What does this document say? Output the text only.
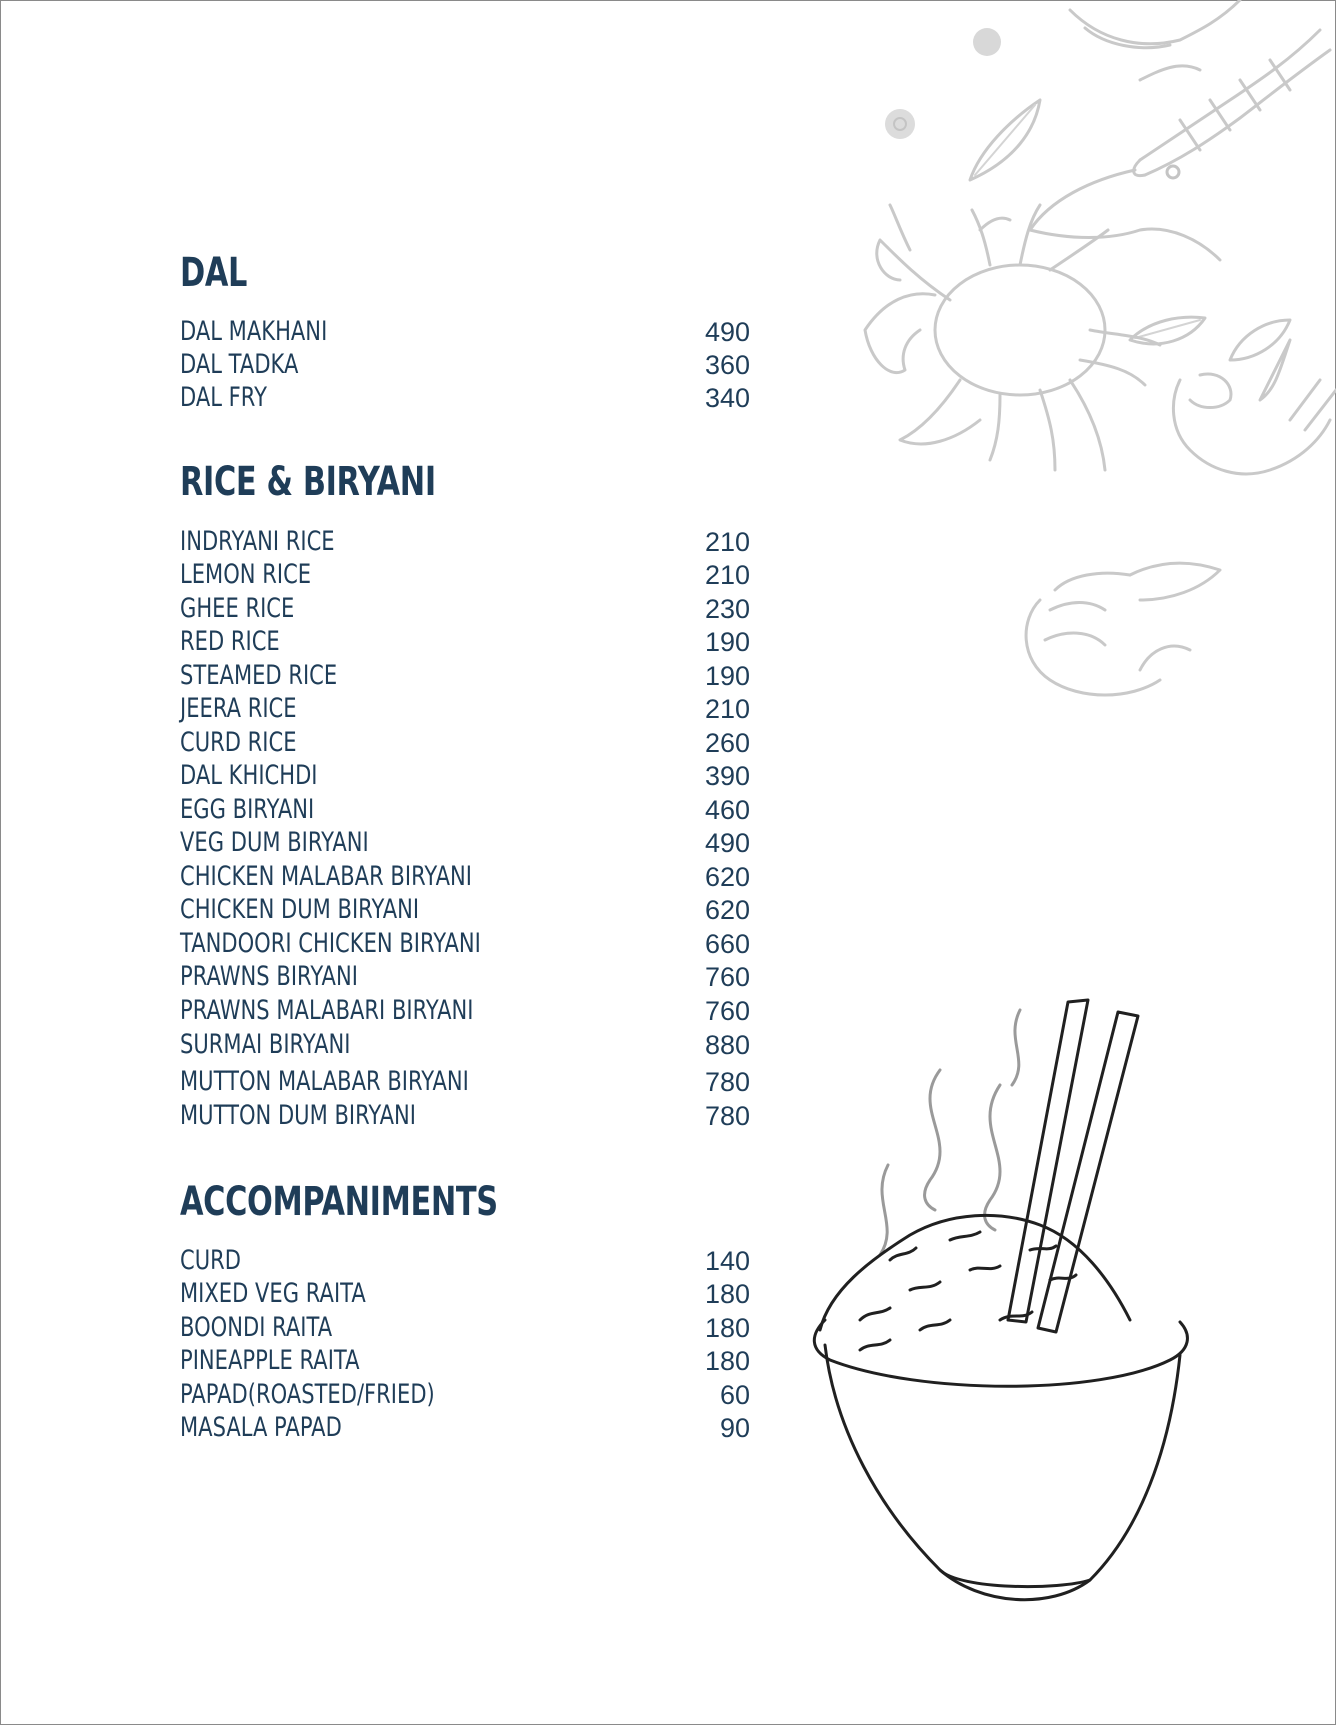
DAL
DAL MAKHANI	490
DAL TADKA	360
DAL FRY	340
RICE & BIRYANI
INDRYANI RICE	210
LEMON RICE	210
GHEE RICE	230
RED RICE	190
STEAMED RICE	190
JEERA RICE	210
CURD RICE	260
DAL KHICHDI	390
EGG BIRYANI	460
VEG DUM BIRYANI	490
CHICKEN MALABAR BIRYANI	620
CHICKEN DUM BIRYANI	620
TANDOORI CHICKEN BIRYANI	660
PRAWNS BIRYANI	760
PRAWNS MALABARI BIRYANI	760
SURMAI BIRYANI	880
MUTTON MALABAR BIRYANI	780
MUTTON DUM BIRYANI	780
ACCOMPANIMENTS
CURD	140
MIXED VEG RAITA	180
BOONDI RAITA	180
PINEAPPLE RAITA	180
PAPAD(ROASTED/FRIED)	60
MASALA PAPAD	90
